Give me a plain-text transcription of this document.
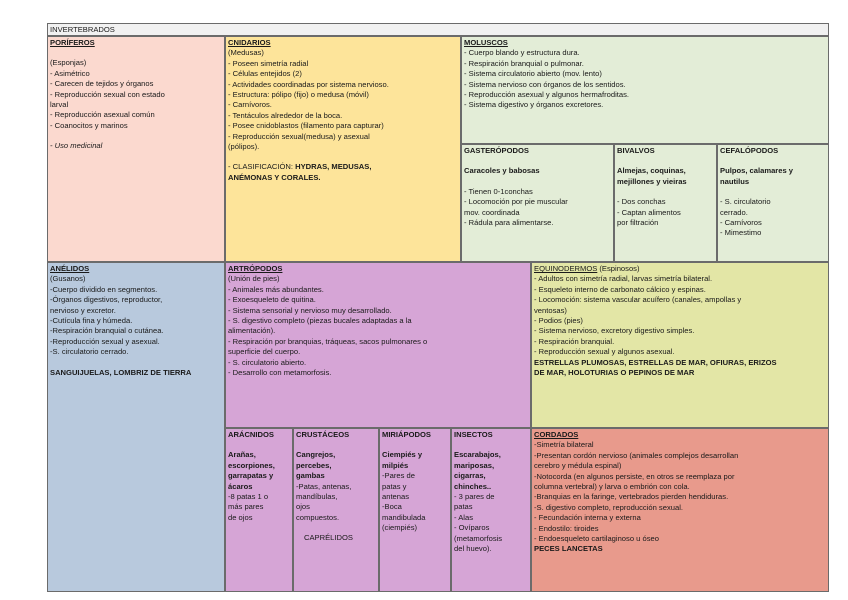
INVERTEBRADOS
PORÍFEROS
(Esponjas)
- Asimétrico
- Carecen de tejidos y órganos
- Reproducción sexual con estado
larval
- Reproducción asexual común
- Coanocitos y marinos
- Uso medicinal
CNIDARIOS
(Medusas)
- Poseen simetría radial
- Células entejidos (2)
- Actividades coordinadas por sistema nervioso.
- Estructura: pólipo (fijo) o medusa (móvil)
- Carnívoros.
- Tentáculos alrededor de la boca.
- Posee cnidoblastos (filamento para capturar)
- Reproducción sexual(medusa) y asexual
(pólipos).
- CLASIFICACIÓN: HYDRAS, MEDUSAS,
ANÉMONAS Y CORALES.
MOLUSCOS
- Cuerpo blando y estructura dura.
- Respiración branquial o pulmonar.
- Sistema circulatorio abierto (mov. lento)
- Sistema nervioso con órganos de los sentidos.
- Reproducción asexual y algunos hermafroditas.
- Sistema digestivo y órganos excretores.
GASTERÓPODOS
Caracoles y babosas
- Tienen 0-1conchas
- Locomoción por pie muscular
mov. coordinada
- Rádula para alimentarse.
BIVALVOS
Almejas, coquinas,
mejillones y vieiras
- Dos conchas
- Captan alimentos
por filtración
CEFALÓPODOS
Pulpos, calamares y
nautilus
- S. circulatorio
cerrado.
- Carnívoros
- Mimestimo
ANÉLIDOS
(Gusanos)
-Cuerpo dividido en segmentos.
-Órganos digestivos, reproductor,
nervioso y excretor.
-Cutícula fina y húmeda.
-Respiración branquial o cutánea.
-Reproducción sexual y asexual.
-S. circulatorio cerrado.
SANGUIJUELAS, LOMBRIZ DE TIERRA
ARTRÓPODOS
(Unión de pies)
- Animales más abundantes.
- Exoesqueleto de quitina.
- Sistema sensorial y nervioso muy desarrollado.
- S. digestivo completo (piezas bucales adaptadas a la
alimentación).
- Respiración por branquias, tráqueas, sacos pulmonares o
superficie del cuerpo.
- S. circulatorio abierto.
- Desarrollo con metamorfosis.
EQUINODERMOS (Espinosos)
- Adultos con simetría radial, larvas simetría bilateral.
- Esqueleto interno de carbonato cálcico y espinas.
- Locomoción: sistema vascular acuífero (canales, ampollas y
ventosas)
- Podios (pies)
- Sistema nervioso, excretory digestivo simples.
- Respiración branquial.
- Reproducción sexual y algunos asexual.
ESTRELLAS PLUMOSAS, ESTRELLAS DE MAR, OFIURAS, ERIZOS
DE MAR, HOLOTURIAS O PEPINOS DE MAR
ARÁCNIDOS
Arañas,
escorpiones,
garrapatas y
ácaros
-8 patas 1 o
más pares
de ojos
CRUSTÁCEOS
Cangrejos,
percebes,
gambas
-Patas, antenas,
mandíbulas,
ojos
compuestos.
CAPRÉLIDOS
MIRIÁPODOS
Ciempiés y
milpiés
-Pares de
patas y
antenas
-Boca
mandibulada
(ciempiés)
INSECTOS
Escarabajos,
mariposas,
cigarras,
chinches..
- 3 pares de
patas
- Alas
- Ovíparos
(metamorfosis
del huevo).
CORDADOS
-Simetría bilateral
-Presentan cordón nervioso (animales complejos desarrollan
cerebro y médula espinal)
-Notocorda (en algunos persiste, en otros se reemplaza por
columna vertebral) y larva o embrión con cola.
-Branquias en la faringe, vertebrados pierden hendiduras.
-S. digestivo completo, reproducción sexual.
- Fecundación interna y externa
- Endostilo: tiroides
- Endoesqueleto cartilaginoso u óseo
PECES LANCETAS
